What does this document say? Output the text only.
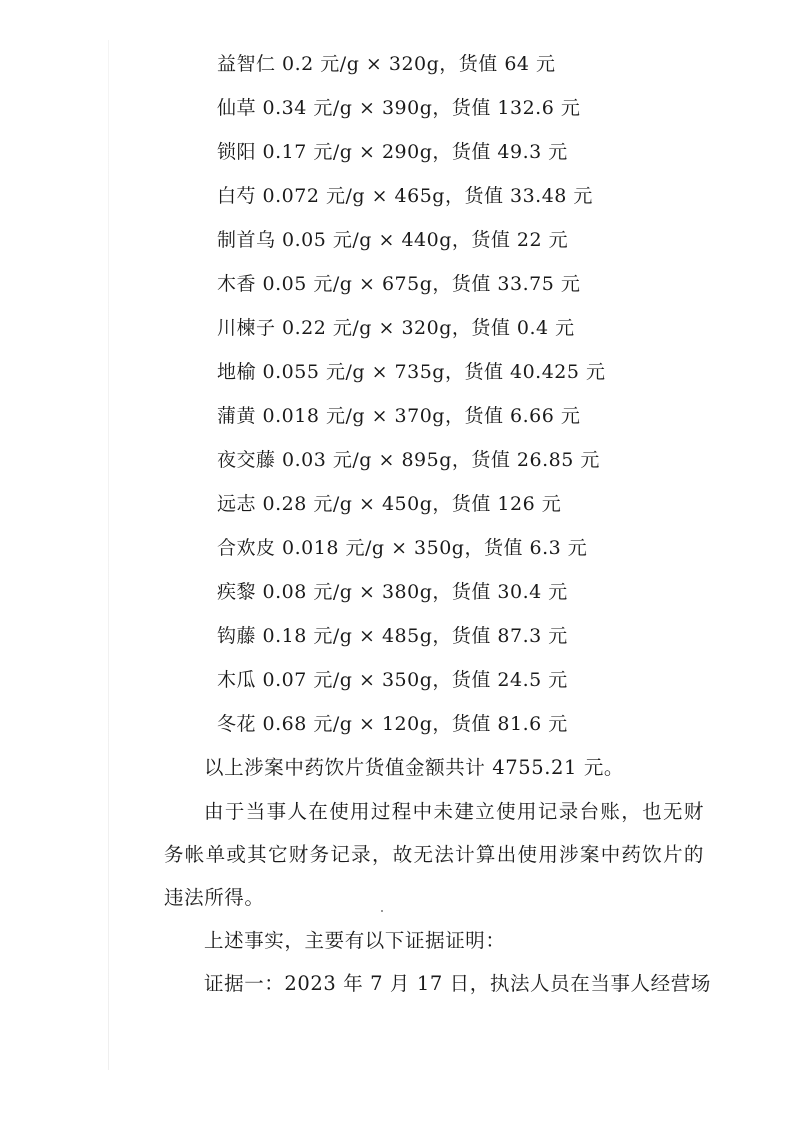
益智仁 0.2 元/g × 320g，货值 64 元
仙草 0.34 元/g × 390g，货值 132.6 元
锁阳 0.17 元/g × 290g，货值 49.3 元
白芍 0.072 元/g × 465g，货值 33.48 元
制首乌 0.05 元/g × 440g，货值 22 元
木香 0.05 元/g × 675g，货值 33.75 元
川楝子 0.22 元/g × 320g，货值 0.4 元
地榆 0.055 元/g × 735g，货值 40.425 元
蒲黄 0.018 元/g × 370g，货值 6.66 元
夜交藤 0.03 元/g × 895g，货值 26.85 元
远志 0.28 元/g × 450g，货值 126 元
合欢皮 0.018 元/g × 350g，货值 6.3 元
疾黎 0.08 元/g × 380g，货值 30.4 元
钩藤 0.18 元/g × 485g，货值 87.3 元
木瓜 0.07 元/g × 350g，货值 24.5 元
冬花 0.68 元/g × 120g，货值 81.6 元
以上涉案中药饮片货值金额共计 4755.21 元。
由于当事人在使用过程中未建立使用记录台账，也无财务帐单或其它财务记录，故无法计算出使用涉案中药饮片的违法所得。
上述事实，主要有以下证据证明：
证据一：2023 年 7 月 17 日，执法人员在当事人经营场
